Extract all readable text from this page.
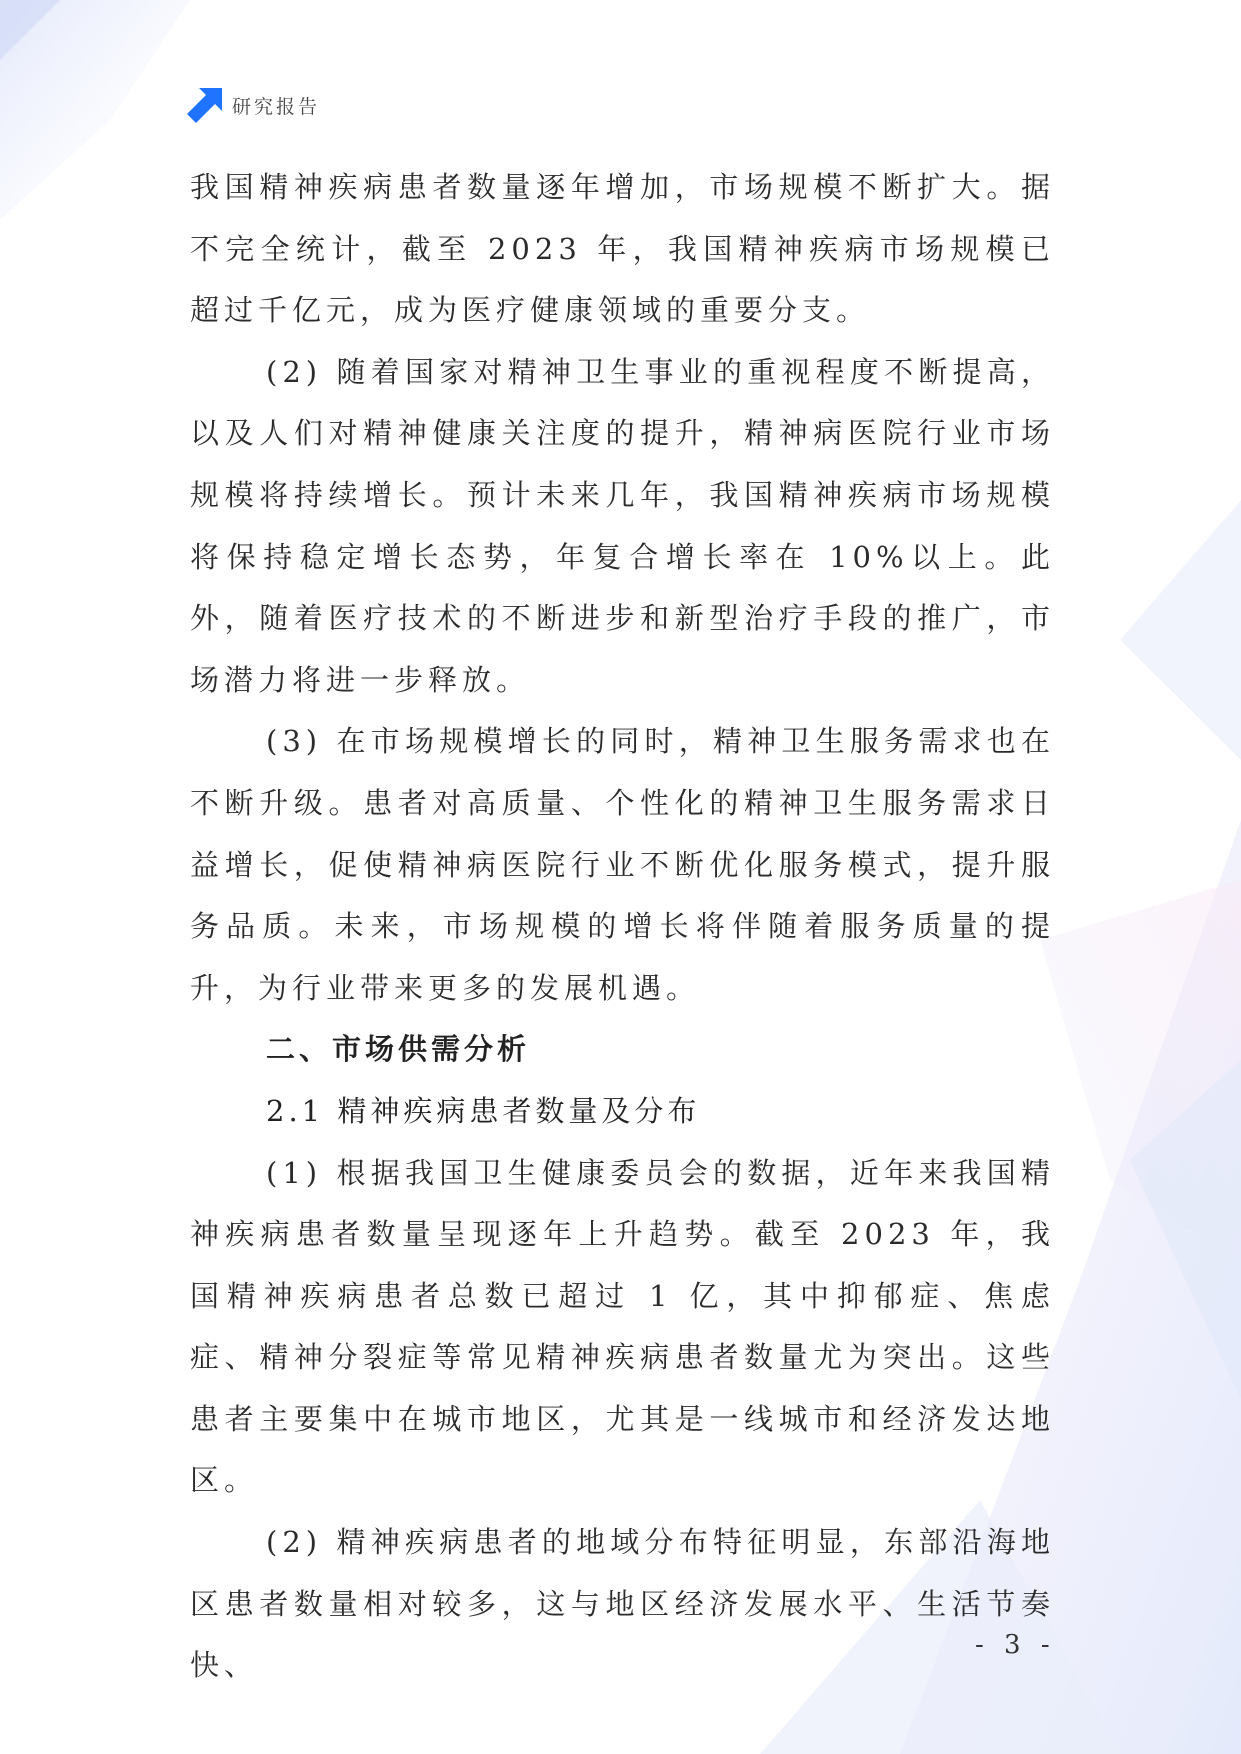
研究报告

我国精神疾病患者数量逐年增加，市场规模不断扩大。据不完全统计，截至 2023 年，我国精神疾病市场规模已超过千亿元，成为医疗健康领域的重要分支。

(2) 随着国家对精神卫生事业的重视程度不断提高，以及人们对精神健康关注度的提升，精神病医院行业市场规模将持续增长。预计未来几年，我国精神疾病市场规模将保持稳定增长态势，年复合增长率在 10%以上。此外，随着医疗技术的不断进步和新型治疗手段的推广，市场潜力将进一步释放。

(3) 在市场规模增长的同时，精神卫生服务需求也在不断升级。患者对高质量、个性化的精神卫生服务需求日益增长，促使精神病医院行业不断优化服务模式，提升服务品质。未来，市场规模的增长将伴随着服务质量的提升，为行业带来更多的发展机遇。

二、市场供需分析

2.1 精神疾病患者数量及分布

(1) 根据我国卫生健康委员会的数据，近年来我国精神疾病患者数量呈现逐年上升趋势。截至 2023 年，我国精神疾病患者总数已超过 1 亿，其中抑郁症、焦虑症、精神分裂症等常见精神疾病患者数量尤为突出。这些患者主要集中在城市地区，尤其是一线城市和经济发达地区。

(2) 精神疾病患者的地域分布特征明显，东部沿海地区患者数量相对较多，这与地区经济发展水平、生活节奏快、

- 3 -
